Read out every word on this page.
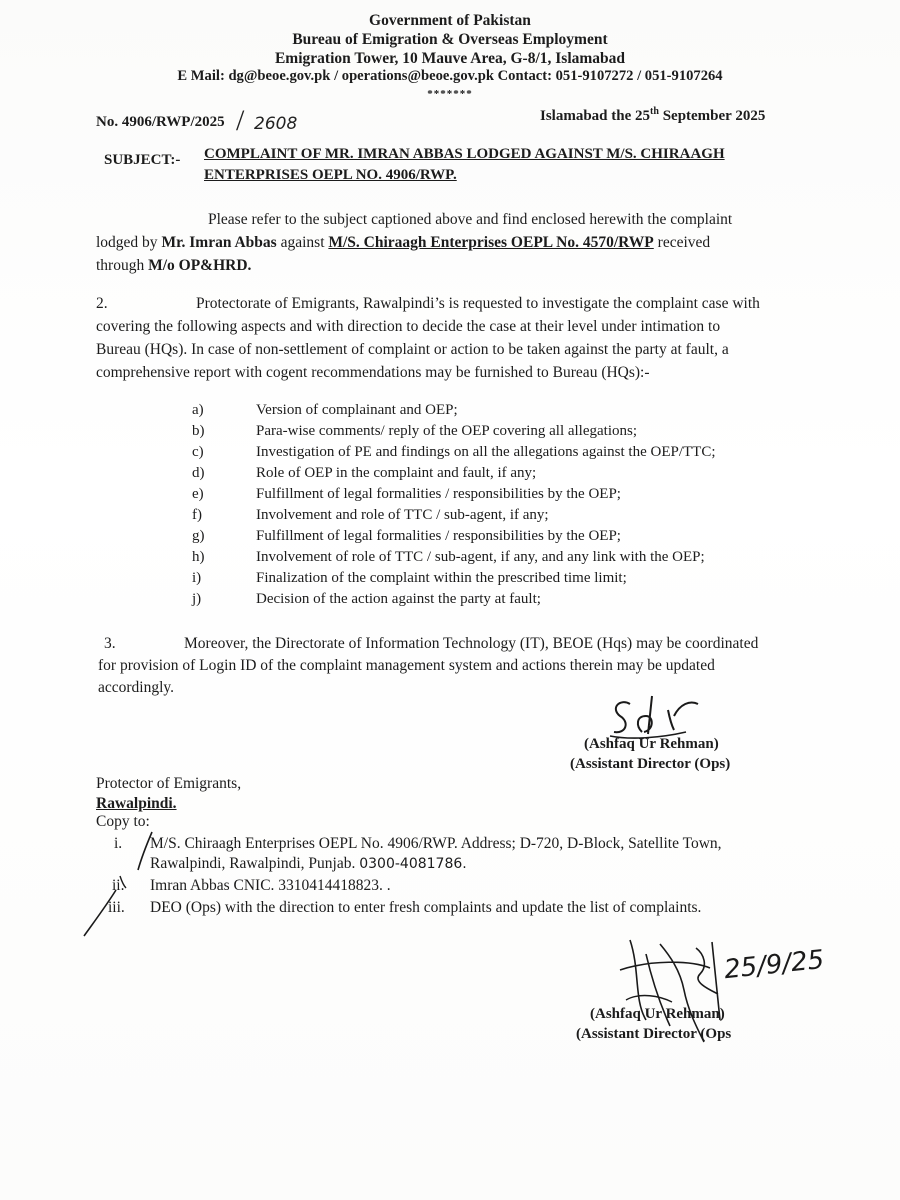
Government of Pakistan
Bureau of Emigration & Overseas Employment
Emigration Tower, 10 Mauve Area, G-8/1, Islamabad
E Mail: dg@beoe.gov.pk / operations@beoe.gov.pk Contact: 051-9107272 / 051-9107264
*******
No. 4906/RWP/2025 / 2608	Islamabad the 25th September 2025
SUBJECT:- COMPLAINT OF MR. IMRAN ABBAS LODGED AGAINST M/S. CHIRAAGH
ENTERPRISES OEPL NO. 4906/RWP.
Please refer to the subject captioned above and find enclosed herewith the complaint
lodged by Mr. Imran Abbas against M/S. Chiraagh Enterprises OEPL No. 4570/RWP received
through M/o OP&HRD.
2.	Protectorate of Emigrants, Rawalpindi’s is requested to investigate the complaint case with
covering the following aspects and with direction to decide the case at their level under intimation to
Bureau (HQs). In case of non-settlement of complaint or action to be taken against the party at fault, a
comprehensive report with cogent recommendations may be furnished to Bureau (HQs):-
a)	Version of complainant and OEP;
b)	Para-wise comments/ reply of the OEP covering all allegations;
c)	Investigation of PE and findings on all the allegations against the OEP/TTC;
d)	Role of OEP in the complaint and fault, if any;
e)	Fulfillment of legal formalities / responsibilities by the OEP;
f)	Involvement and role of TTC / sub-agent, if any;
g)	Fulfillment of legal formalities / responsibilities by the OEP;
h)	Involvement of role of TTC / sub-agent, if any, and any link with the OEP;
i)	Finalization of the complaint within the prescribed time limit;
j)	Decision of the action against the party at fault;
3.	Moreover, the Directorate of Information Technology (IT), BEOE (Hqs) may be coordinated
for provision of Login ID of the complaint management system and actions therein may be updated
accordingly.
(Ashfaq Ur Rehman)
(Assistant Director (Ops)
Protector of Emigrants,
Rawalpindi.
Copy to:
i. M/S. Chiraagh Enterprises OEPL No. 4906/RWP. Address; D-720, D-Block, Satellite Town,
Rawalpindi, Rawalpindi, Punjab. 0300-4081786.
ii. Imran Abbas CNIC. 3310414418823. .
iii. DEO (Ops) with the direction to enter fresh complaints and update the list of complaints.
25/9/25
(Ashfaq Ur Rehman)
(Assistant Director (Ops
